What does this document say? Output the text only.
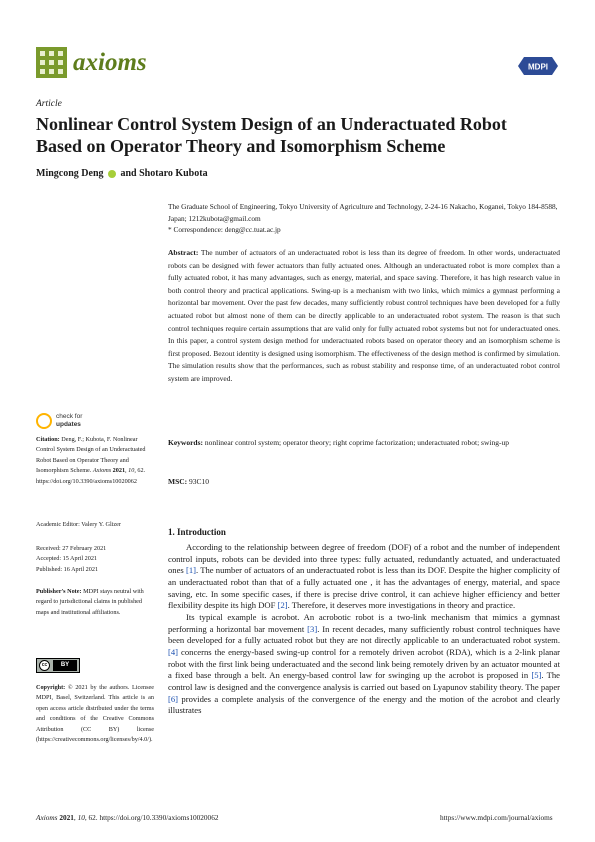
axioms	MDPI
Article
Nonlinear Control System Design of an Underactuated Robot Based on Operator Theory and Isomorphism Scheme
Mingcong Deng and Shotaro Kubota
The Graduate School of Engineering, Tokyo University of Agriculture and Technology, 2-24-16 Nakacho, Koganei, Tokyo 184-8588, Japan; 1212kubota@gmail.com
* Correspondence: deng@cc.tuat.ac.jp
Abstract: The number of actuators of an underactuated robot is less than its degree of freedom. In other words, underactuated robots can be designed with fewer actuators than fully actuated ones. Although an underactuated robot is more complex than a fully actuated robot, it has many advantages, such as energy, material, and space saving. Therefore, it has high research value in both control theory and practical applications. Swing-up is a mechanism with two links, which mimics a gymnast performing a horizontal bar movement. Over the past few decades, many sufficiently robust control techniques have been developed for a fully actuated robot but almost none of them can be directly applicable to an underactuated robot system. The reason is that such control techniques require certain assumptions that are valid only for fully actuated robot systems but not for underactuated ones. In this paper, a control system design method for underactuated robots based on operator theory and an isomorphism scheme is first proposed. Bezout identity is designed using isomorphism. The effectiveness of the design method is confirmed by simulation. The simulation results show that the performances, such as robust stability and response time, of an underactuated robot control system are improved.
Keywords: nonlinear control system; operator theory; right coprime factorization; underactuated robot; swing-up
MSC: 93C10
check for
updates
Citation: Deng, F.; Kubota, F. Nonlinear Control System Design of an Underactuated Robot Based on Operator Theory and Isomorphism Scheme. Axioms 2021, 10, 62. https://doi.org/10.3390/axioms10020062
Academic Editor: Valery Y. Glizer
Received: 27 February 2021
Accepted: 15 April 2021
Published: 16 April 2021
Publisher's Note: MDPI stays neutral with regard to jurisdictional claims in published maps and institutional affiliations.
cc	BY
Copyright: © 2021 by the authors. Licensee MDPI, Basel, Switzerland. This article is an open access article distributed under the terms and conditions of the Creative Commons Attribution (CC BY) license (https://creativecommons.org/licenses/by/4.0/).
1. Introduction

According to the relationship between degree of freedom (DOF) of a robot and the number of independent control inputs, robots can be devided into three types: fully actuated, redundantly actuated, and underactuated ones [1]. The number of actuators of an underactuated robot is less than its DOF. Despite the higher complicity of an underactuated robot than that of a fully actuated one , it has the advantages of energy, material, and space saving, etc. In some specific cases, if there is precise drive control, it can achieve higher efficiency and better flexibility despite its high DOF [2]. Therefore, it deserves more investigations in theory and practice.

Its typical example is acrobot. An acrobotic robot is a two-link mechanism that mimics a gymnast performing a horizontal bar movement [3]. In recent decades, many sufficiently robust control techniques have been developed for a fully actuated robot but they are not directly applicable to an underactuated robot system. [4] concerns the energy-based swing-up control for a remotely driven acrobot (RDA), which is a 2-link planar robot with the first link being underactuated and the second link being remotely driven by an actuator mounted at a fixed base through a belt. An energy-based control law for swinging up the acrobot is proposed in [5]. The control law is designed and the convergence analysis is carried out based on Lyapunov stability theory. The paper [6] provides a complete analysis of the convergence of the energy and the motion of the acrobot and clearly illustrates

Axioms 2021, 10, 62. https://doi.org/10.3390/axioms10020062	https://www.mdpi.com/journal/axioms
